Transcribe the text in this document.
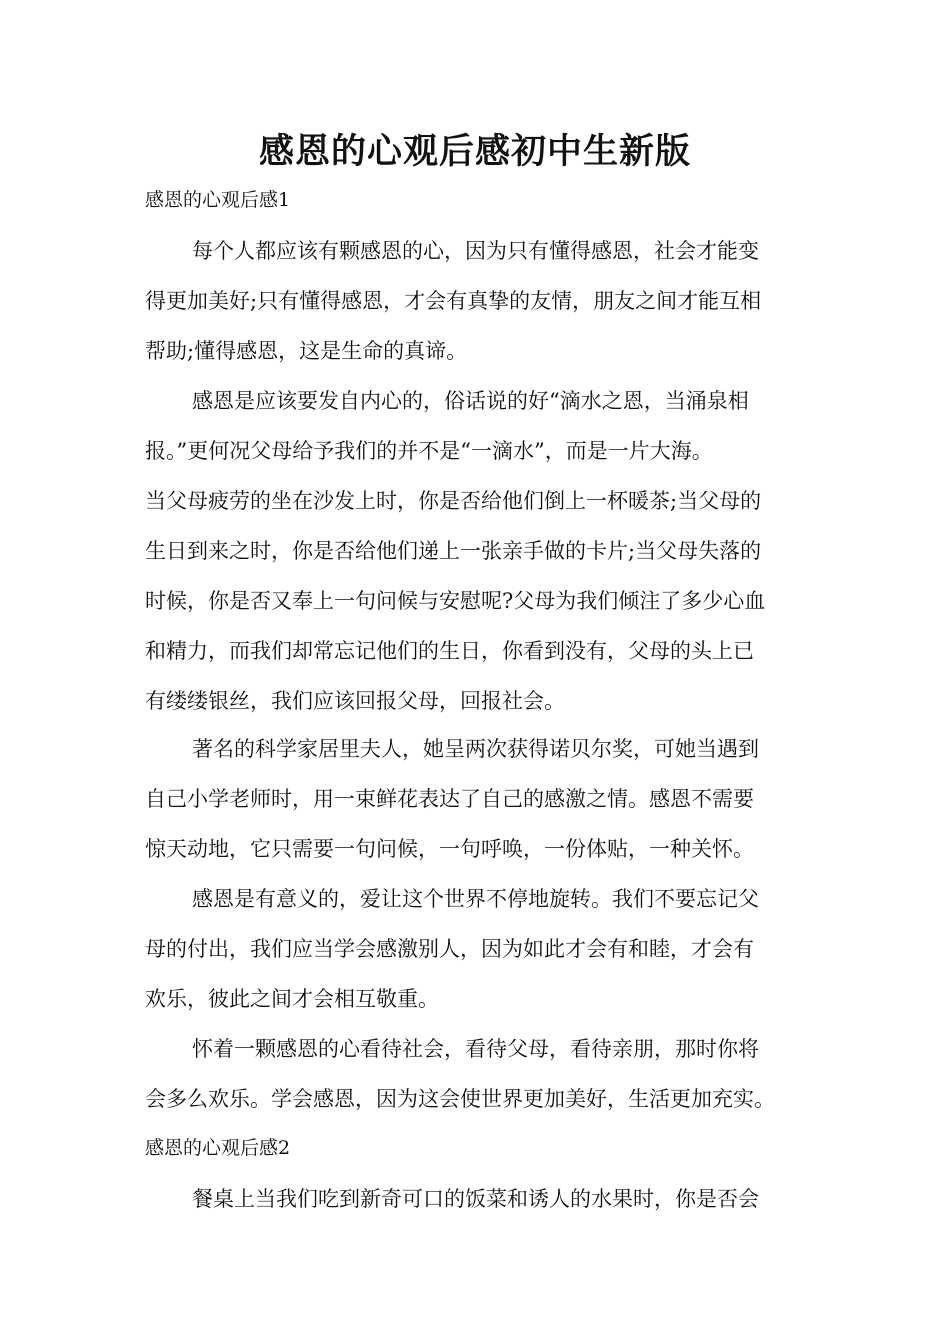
感恩的心观后感初中生新版
感恩的心观后感1
每个人都应该有颗感恩的心，因为只有懂得感恩，社会才能变
得更加美好;只有懂得感恩，才会有真挚的友情，朋友之间才能互相
帮助;懂得感恩，这是生命的真谛。
感恩是应该要发自内心的，俗话说的好“滴水之恩，当涌泉相
报。”更何况父母给予我们的并不是“一滴水”，而是一片大海。
当父母疲劳的坐在沙发上时，你是否给他们倒上一杯暖茶;当父母的
生日到来之时，你是否给他们递上一张亲手做的卡片;当父母失落的
时候，你是否又奉上一句问候与安慰呢?父母为我们倾注了多少心血
和精力，而我们却常忘记他们的生日，你看到没有，父母的头上已
有缕缕银丝，我们应该回报父母，回报社会。
著名的科学家居里夫人，她呈两次获得诺贝尔奖，可她当遇到
自己小学老师时，用一束鲜花表达了自己的感激之情。感恩不需要
惊天动地，它只需要一句问候，一句呼唤，一份体贴，一种关怀。
感恩是有意义的，爱让这个世界不停地旋转。我们不要忘记父
母的付出，我们应当学会感激别人，因为如此才会有和睦，才会有
欢乐，彼此之间才会相互敬重。
怀着一颗感恩的心看待社会，看待父母，看待亲朋，那时你将
会多么欢乐。学会感恩，因为这会使世界更加美好，生活更加充实。
感恩的心观后感2
餐桌上当我们吃到新奇可口的饭菜和诱人的水果时，你是否会
